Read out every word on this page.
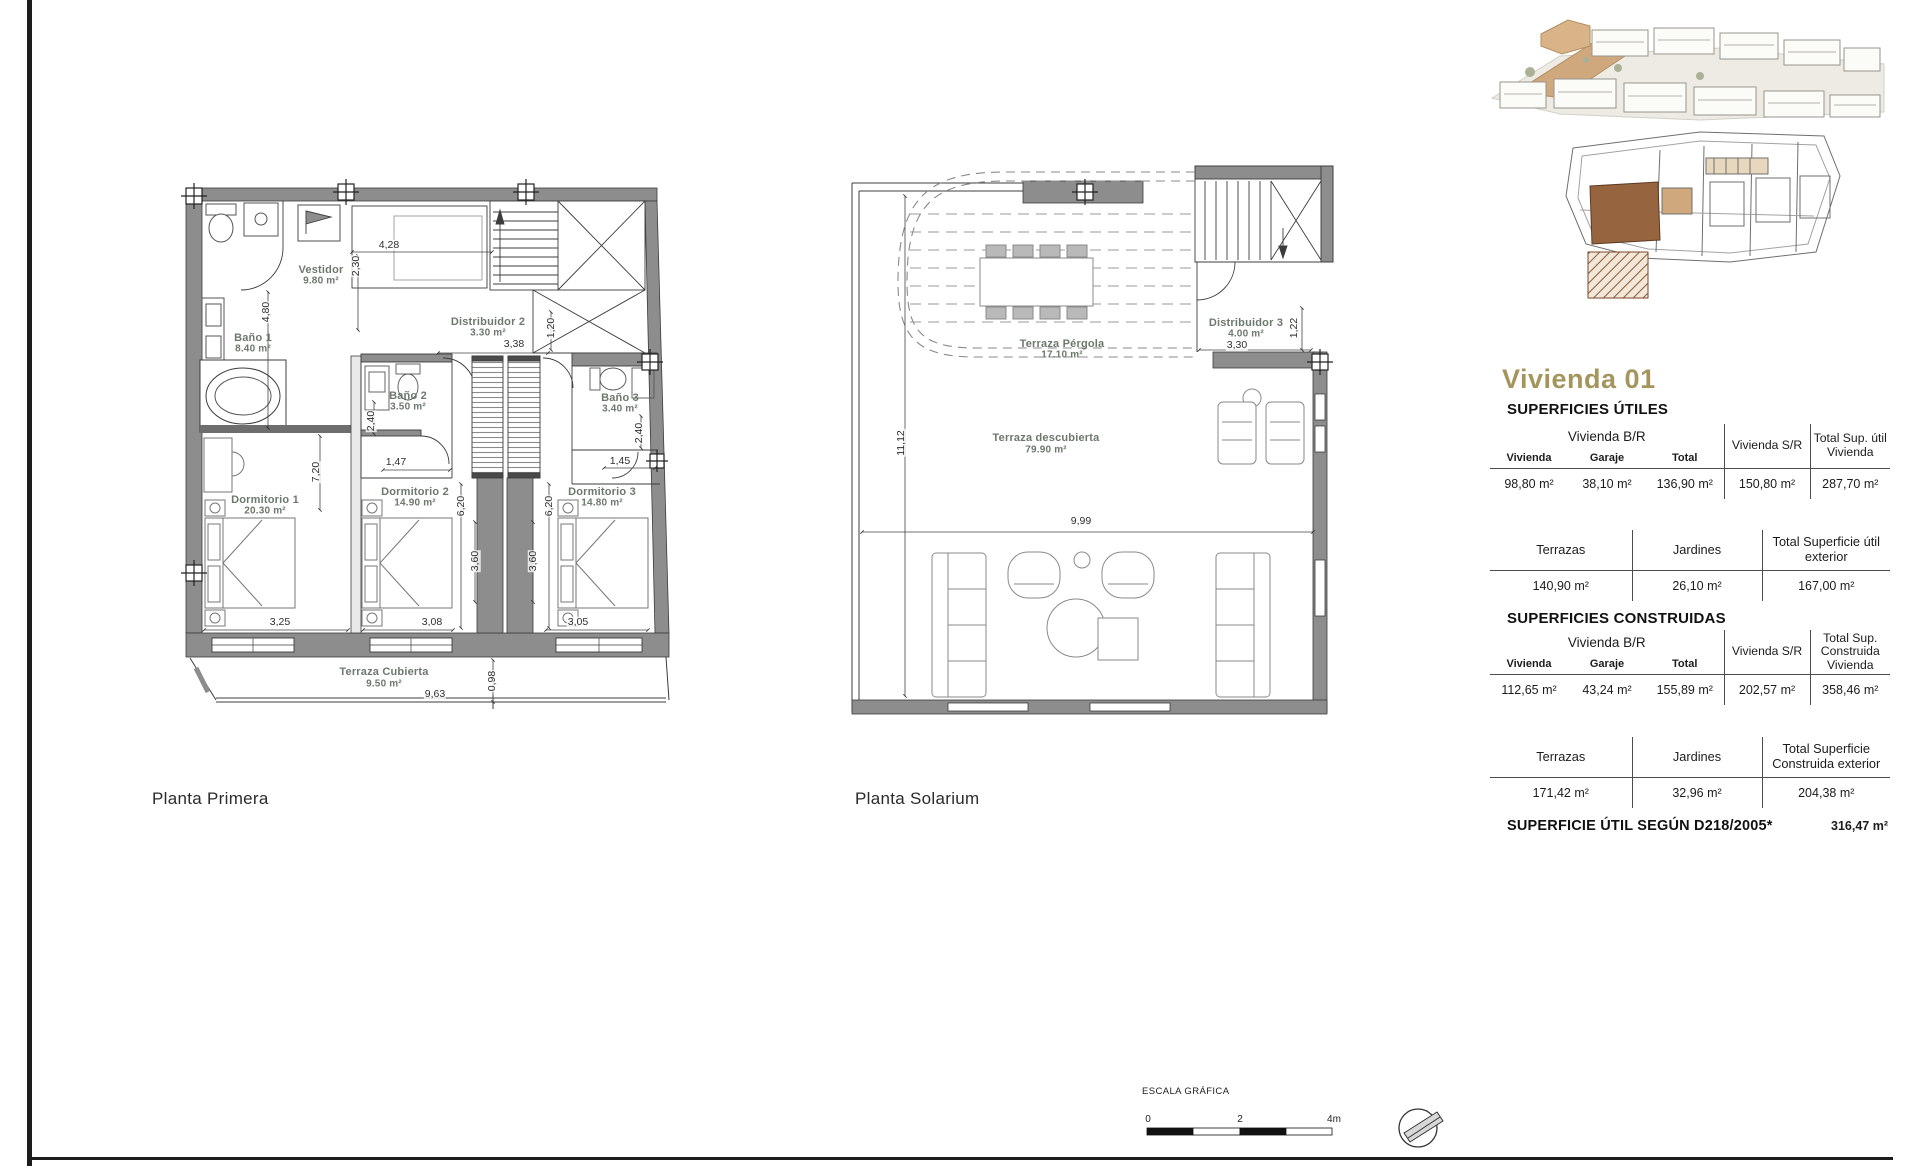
Vestidor
9.80 m²
Baño 1
8.40 m²
Distribuidor 2
3.30 m²
Baño 2
3.50 m²
Baño 3
3.40 m²
Dormitorio 1
20.30 m²
Dormitorio 2
14.90 m²
Dormitorio 3
14.80 m²
Terraza Cubierta
9.50 m²
4,28
2,30
4,80
3,38
1,20
2,40
1,47
7,20
2,40
1,45
6,20
3,60
6,20
3,60
3,25	3,08	3,05
9,63
0,98
Terraza Pérgola
17.10 m²
Terraza descubierta
79.90 m²
Distribuidor 3
4.00 m²
11,12
9,99
3,30
1,22
Planta Primera	Planta Solarium
Vivienda 01
SUPERFICIES ÚTILES
Vivienda B/R			Vivienda S/R	Total Sup. útil Vivienda
Vivienda	Garaje	Total		
98,80 m²	38,10 m²	136,90 m²	150,80 m²	287,70 m²
Terrazas	Jardines	Total Superficie útil exterior
140,90 m²	26,10 m²	167,00 m²
SUPERFICIES CONSTRUIDAS
Vivienda B/R			Vivienda S/R	Total Sup. Construida Vivienda
Vivienda	Garaje	Total		
112,65 m²	43,24 m²	155,89 m²	202,57 m²	358,46 m²
Terrazas	Jardines	Total Superficie Construida exterior
171,42 m²	32,96 m²	204,38 m²
SUPERFICIE ÚTIL SEGÚN D218/2005*	316,47 m²
ESCALA GRÁFICA
0	2	4m
